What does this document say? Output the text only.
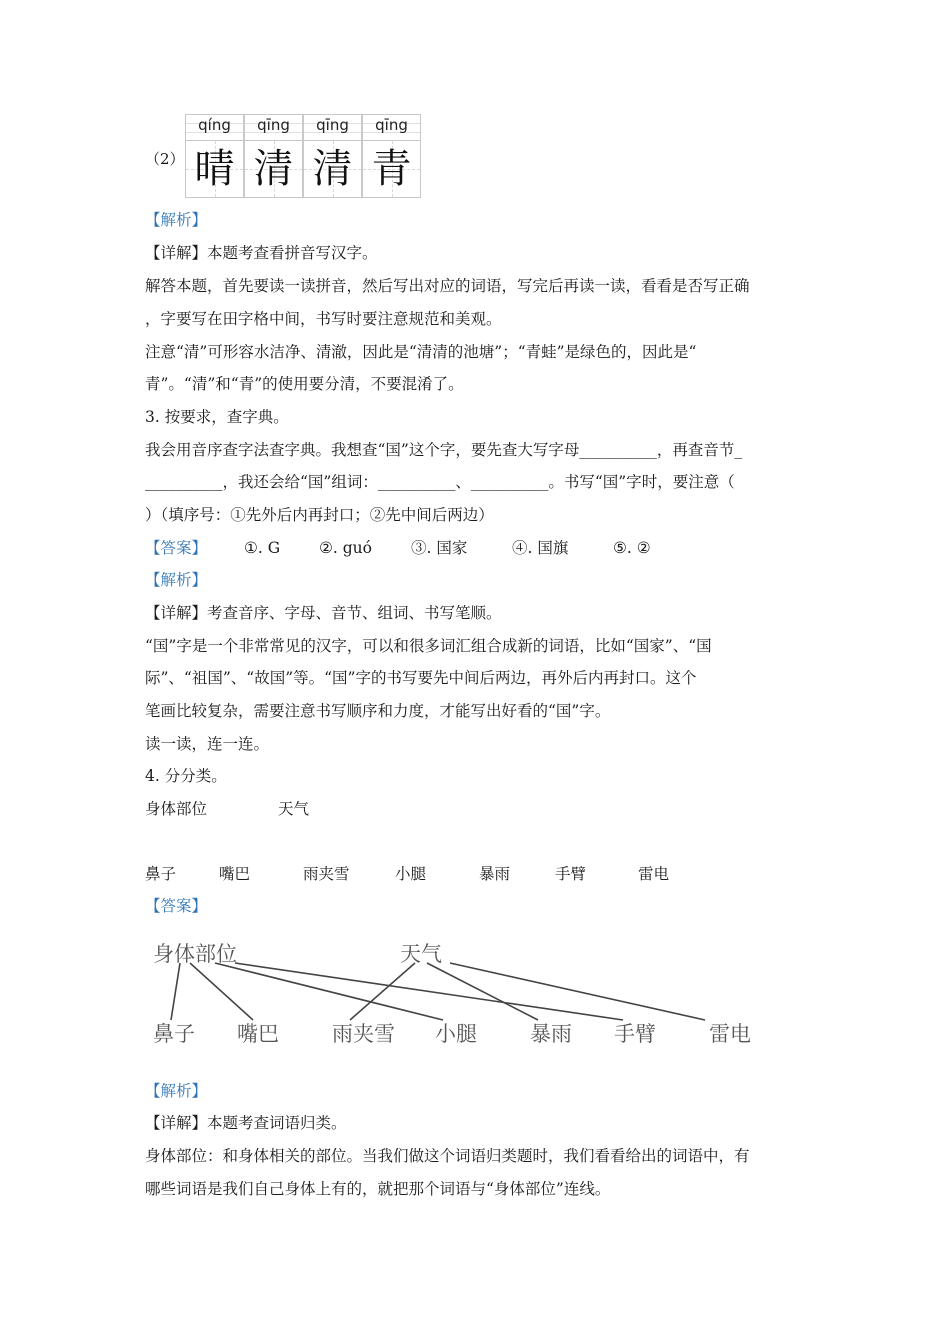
（2）
qíng	qīng	qīng	qīng
晴 清 清 青
【解析】
【详解】本题考查看拼音写汉字。
解答本题，首先要读一读拼音，然后写出对应的词语，写完后再读一读，看看是否写正确
，字要写在田字格中间，书写时要注意规范和美观。
注意“清”可形容水洁净、清澈，因此是“清清的池塘”；“青蛙”是绿色的，因此是“
青”。“清”和“青”的使用要分清，不要混淆了。
3. 按要求，查字典。
我会用音序查字法查字典。我想查“国”这个字，要先查大写字母__________，再查音节_
__________，我还会给“国”组词：__________、__________。书写“国”字时，要注意（
）（填序号：①先外后内再封口；②先中间后两边）
【答案】 ①. G	②. guó	③. 国家	④. 国旗	⑤. ②
【解析】
【详解】考查音序、字母、音节、组词、书写笔顺。
“国”字是一个非常常见的汉字，可以和很多词汇组合成新的词语，比如“国家”、“国
际”、“祖国”、“故国”等。“国”字的书写要先中间后两边，再外后内再封口。这个
笔画比较复杂，需要注意书写顺序和力度，才能写出好看的“国”字。
读一读，连一连。
4. 分分类。
身体部位	天气
鼻子	嘴巴	雨夹雪	小腿	暴雨	手臂	雷电
【答案】
身体部位	天气
鼻子 嘴巴	雨夹雪 小腿	暴雨 手臂	雷电
【解析】
【详解】本题考查词语归类。
身体部位：和身体相关的部位。当我们做这个词语归类题时，我们看看给出的词语中，有
哪些词语是我们自己身体上有的，就把那个词语与“身体部位”连线。
